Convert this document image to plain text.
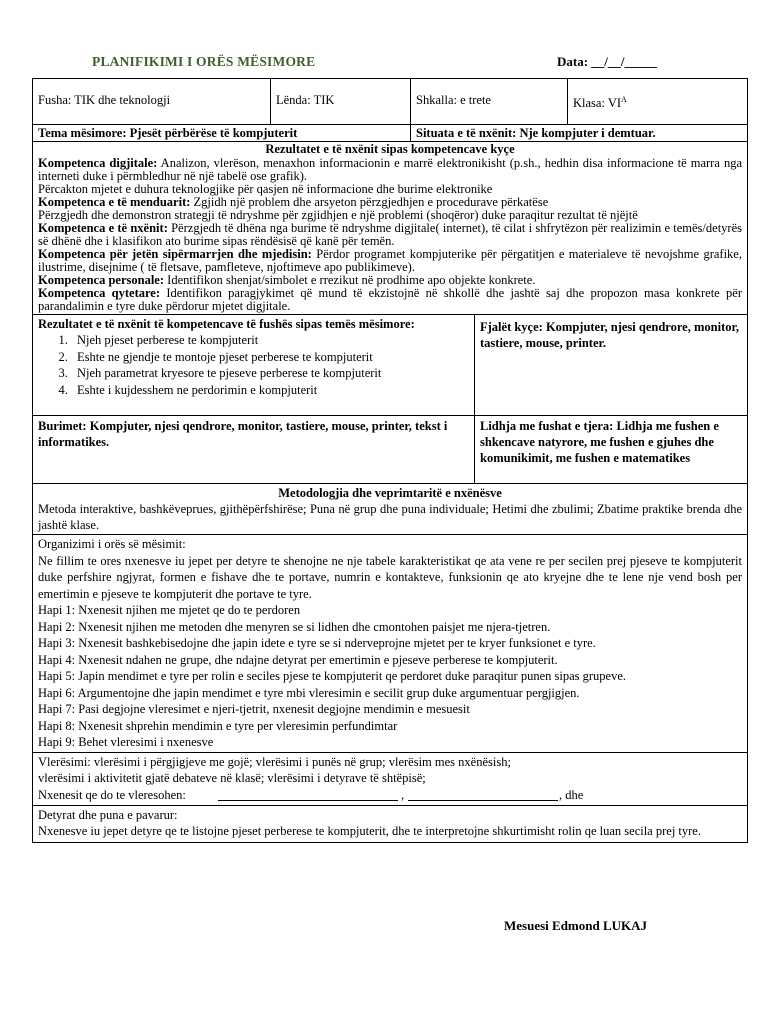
PLANIFIKIMI I ORËS MËSIMORE	Data: __/__/_____
Fusha: TIK dhe teknologji	Lënda: TIK	Shkalla: e trete	Klasa: $VI^A$
Tema mësimore: Pjesët përbërëse të kompjuterit	Situata e të nxënit: Nje kompjuter i demtuar.
Rezultatet e të nxënit sipas kompetencave kyçe

Kompetenca digjitale: Analizon, vlerëson, menaxhon informacionin e marrë elektronikisht (p.sh., hedhin disa informacione të marra nga interneti duke i përmbledhur në një tabelë ose grafik).

Përcakton mjetet e duhura teknologjike për qasjen në informacione dhe burime elektronike

Kompetenca e të menduarit: Zgjidh një problem dhe arsyeton përzgjedhjen e procedurave përkatëse

Përzgjedh dhe demonstron strategji të ndryshme për zgjidhjen e një problemi (shoqëror) duke paraqitur rezultat të njëjtë

Kompetenca e të nxënit: Përzgjedh të dhëna nga burime të ndryshme digjitale( internet), të cilat i shfrytëzon për realizimin e temës/detyrës së dhënë dhe i klasifikon ato burime sipas rëndësisë që kanë për temën.

Kompetenca për jetën sipërmarrjen dhe mjedisin: Përdor programet kompjuterike për përgatitjen e materialeve të nevojshme grafike, ilustrime, disejnime ( të fletsave, pamfleteve, njoftimeve apo publikimeve).

Kompetenca personale: Identifikon shenjat/simbolet e rrezikut në prodhime apo objekte konkrete.

Kompetenca qytetare: Identifikon paragjykimet që mund të ekzistojnë në shkollë dhe jashtë saj dhe propozon masa konkrete për parandalimin e tyre duke përdorur mjetet digjitale.

Rezultatet e të nxënit të kompetencave të fushës sipas temës mësimore:
1. Njeh pjeset perberese te kompjuterit
2. Eshte ne gjendje te montoje pjeset perberese te kompjuterit
3. Njeh parametrat kryesore te pjeseve perberese te kompjuterit
4. Eshte i kujdesshem ne perdorimin e kompjuterit
Fjalët kyçe: Kompjuter, njesi qendrore, monitor, tastiere, mouse, printer.
Burimet: Kompjuter, njesi qendrore, monitor, tastiere, mouse, printer, tekst i informatikes.
Lidhja me fushat e tjera: Lidhja me fushen e shkencave natyrore, me fushen e gjuhes dhe komunikimit, me fushen e matematikes
Metodologjia dhe veprimtaritë e nxënësve
Metoda interaktive, bashkëveprues, gjithëpërfshirëse; Puna në grup dhe puna individuale; Hetimi dhe zbulimi; Zbatime praktike brenda dhe jashtë klase.
Organizimi i orës së mësimit:
Ne fillim te ores nxenesve iu jepet per detyre te shenojne ne nje tabele karakteristikat qe ata vene re per secilen prej pjeseve te kompjuterit duke perfshire ngjyrat, formen e fishave dhe te portave, numrin e kontakteve, funksionin qe ato kryejne dhe te lene nje vend bosh per emertimin e pjeseve te kompjuterit dhe portave te tyre.
Hapi 1: Nxenesit njihen me mjetet qe do te perdoren
Hapi 2: Nxenesit njihen me metoden dhe menyren se si lidhen dhe cmontohen paisjet me njera-tjetren.
Hapi 3: Nxenesit bashkebisedojne dhe japin idete e tyre se si nderveprojne mjetet per te kryer funksionet e tyre.
Hapi 4: Nxenesit ndahen ne grupe, dhe ndajne detyrat per emertimin e pjeseve perberese te kompjuterit.
Hapi 5: Japin mendimet e tyre per rolin e seciles pjese te kompjuterit qe perdoret duke paraqitur punen sipas grupeve.
Hapi 6: Argumentojne dhe japin mendimet e tyre mbi vleresimin e secilit grup duke argumentuar pergjigjen.
Hapi 7: Pasi degjojne vleresimet e njeri-tjetrit, nxenesit degjojne mendimin e mesuesit
Hapi 8: Nxenesit shprehin mendimin e tyre per vleresimin perfundimtar
Hapi 9: Behet vleresimi i nxenesve
Vlerësimi: vlerësimi i përgjigjeve me gojë; vlerësimi i punës në grup; vlerësim mes nxënësish;
vlerësimi i aktivitetit gjatë debateve në klasë; vlerësimi i detyrave të shtëpisë;
Nxenesit qe do te vleresohen:	,	, dhe
Detyrat dhe puna e pavarur:
Nxenesve iu jepet detyre qe te listojne pjeset perberese te kompjuterit, dhe te interpretojne shkurtimisht rolin qe luan secila prej tyre.
Mesuesi Edmond LUKAJ
